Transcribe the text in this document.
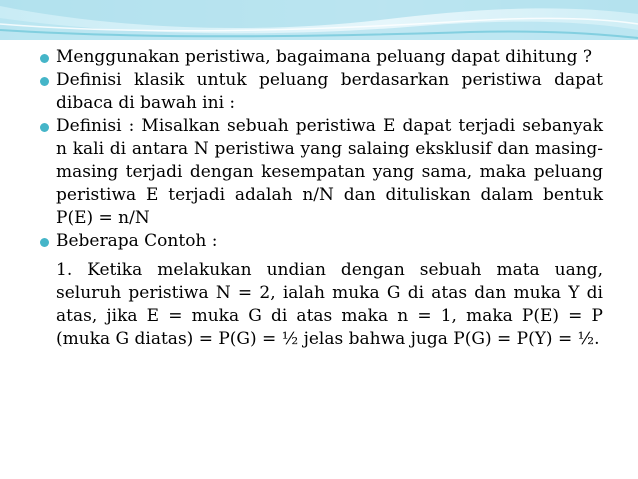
Menggunakan peristiwa, bagaimana peluang dapat dihitung ?
Definisi klasik untuk peluang berdasarkan peristiwa dapat dibaca di bawah ini :
Definisi : Misalkan sebuah peristiwa E dapat terjadi sebanyak n kali di antara N peristiwa yang salaing eksklusif dan masing-masing terjadi dengan kesempatan yang sama, maka peluang peristiwa E terjadi adalah n/N dan dituliskan dalam bentuk P(E) = n/N
Beberapa Contoh :
1. Ketika melakukan undian dengan sebuah mata uang, seluruh peristiwa N = 2, ialah muka G di atas dan muka Y di atas, jika E = muka G di atas maka n = 1, maka P(E) = P (muka G diatas) = P(G) = ½ jelas bahwa juga P(G) = P(Y) = ½.
